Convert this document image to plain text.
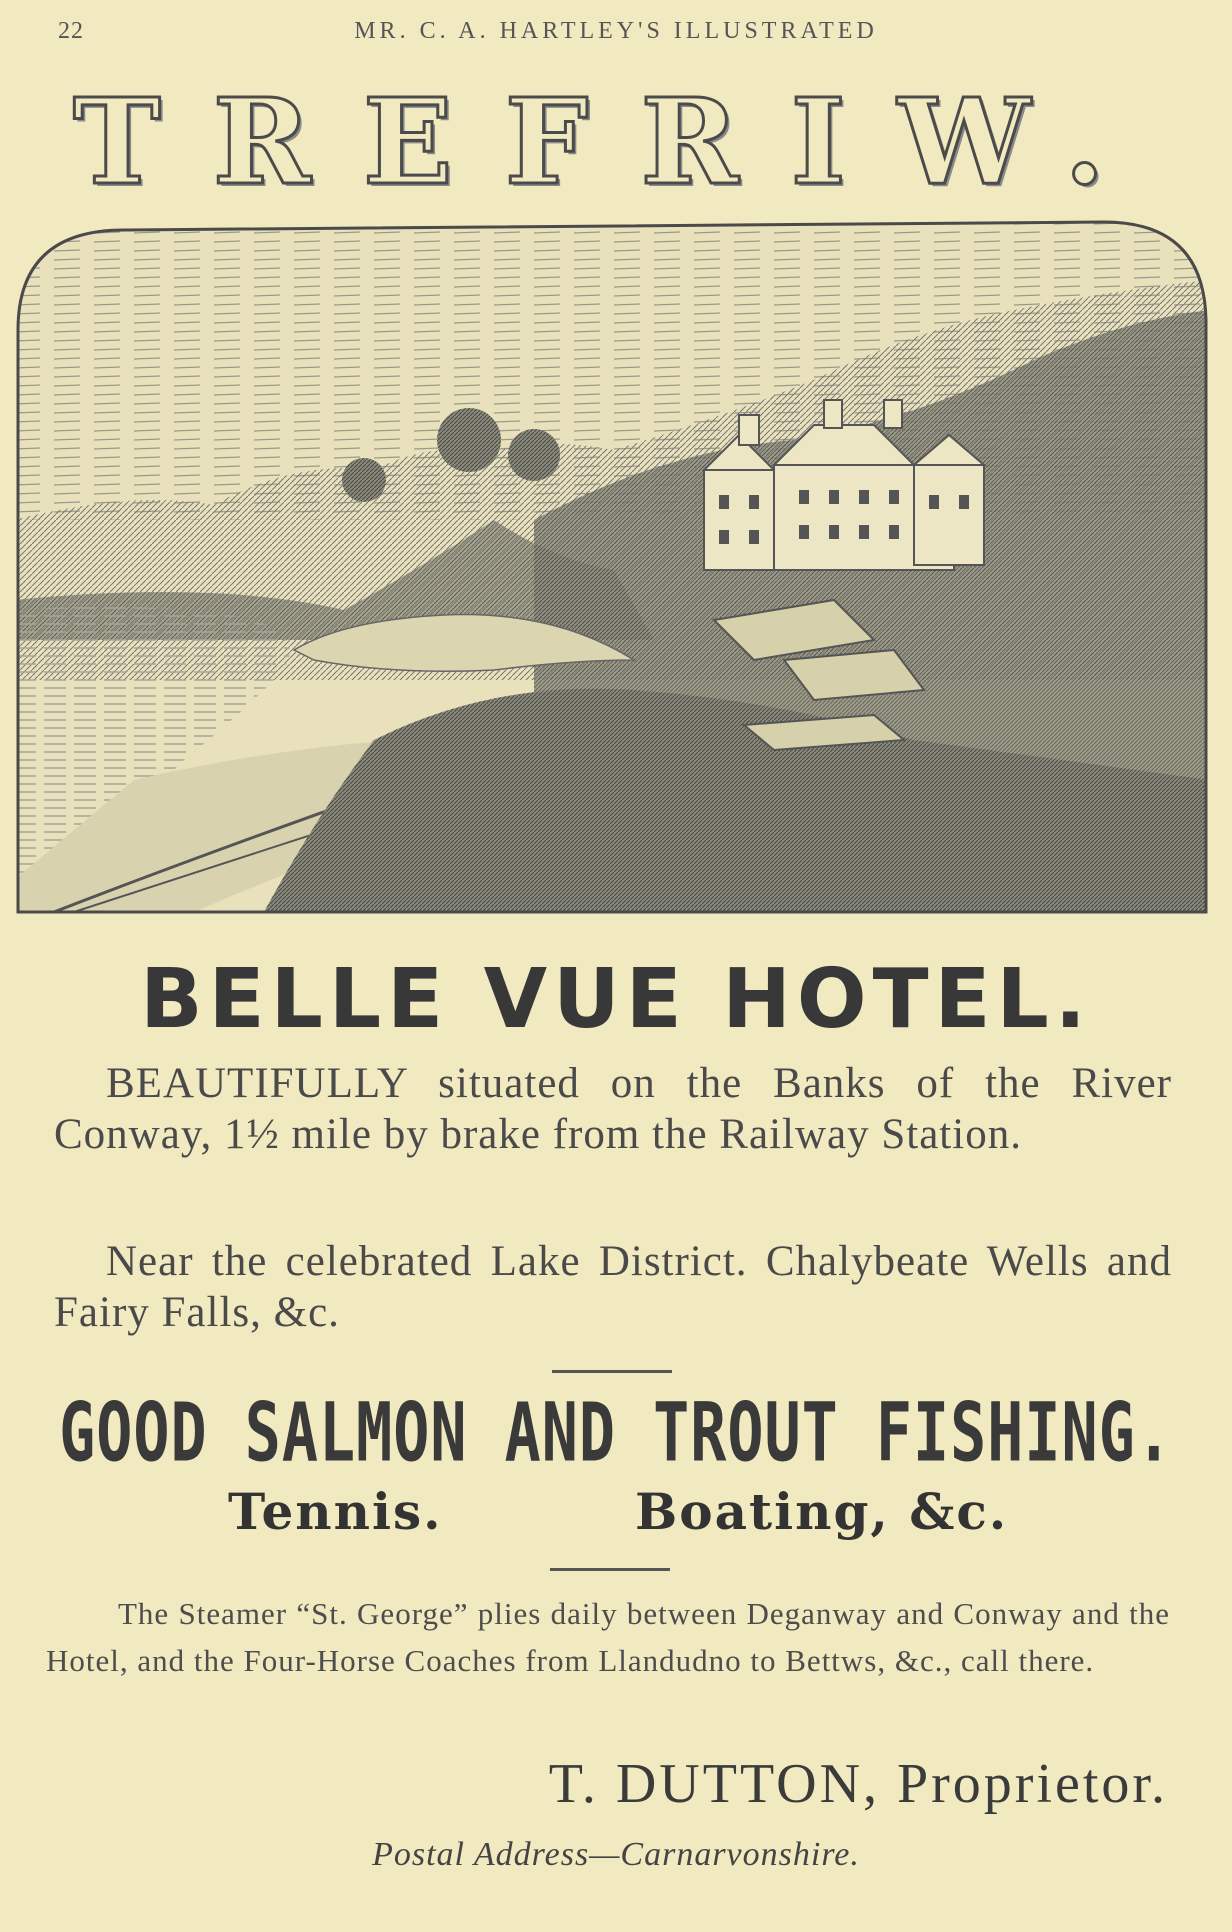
22	MR. C. A. HARTLEY'S ILLUSTRATED
TREFRIW.
BELLE VUE HOTEL.
BEAUTIFULLY situated on the Banks of the River Conway, 1½ mile by brake from the Railway Station.
Near the celebrated Lake District. Chalybeate Wells and Fairy Falls, &c.
GOOD SALMON AND TROUT FISHING.
Tennis.	Boating, &c.
The Steamer “St. George” plies daily between Deganway and Conway and the Hotel, and the Four-Horse Coaches from Llandudno to Bettws, &c., call there.
T. DUTTON, Proprietor.
Postal Address—Carnarvonshire.
